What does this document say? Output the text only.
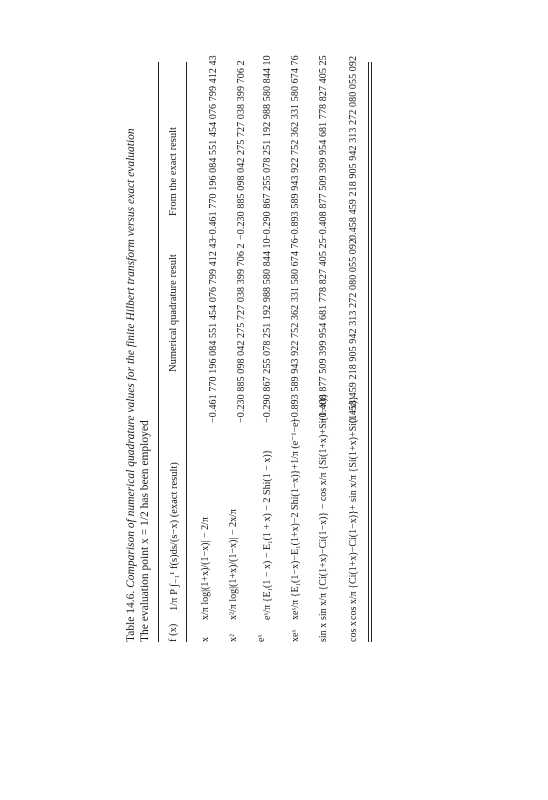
Table 14.6. Comparison of numerical quadrature values for the finite Hilbert transform versus exact evaluation The evaluation point x = 1/2 has been employed f (x)
1/π P ∫₋₁¹ f(s)ds/(s−x) (exact result)
Numerical quadrature result
From the exact result
x
x/π log|(1+x)/(1−x)| − 2/π
−0.461 770 196 084 551 454 076 799 412 43
−0.461 770 196 084 551 454 076 799 412 43
x²
x²/π log|(1+x)/(1−x)| − 2x/π
−0.230 885 098 042 275 727 038 399 706 2
−0.230 885 098 042 275 727 038 399 706 2
eˣ
eˣ/π {E₁(1 − x) − E₁(1 + x) − 2 Shi(1 − x)}
−0.290 867 255 078 251 192 988 580 844 10
−0.290 867 255 078 251 192 988 580 844 10
xeˣ
xeˣ/π {E₁(1−x)−E₁(1+x)−2 Shi(1−x)}+1/π (e⁻¹−e)
−0.893 589 943 922 752 362 331 580 674 76
−0.893 589 943 922 752 362 331 580 674 76
sin x
sin x/π {Ci(1+x)−Ci(1−x)} − cos x/π {Si(1+x)+Si(1−x)}
−0.408 877 509 399 954 681 778 827 405 25
−0.408 877 509 399 954 681 778 827 405 25
cos x
cos x/π {Ci(1+x)−Ci(1−x)}+ sin x/π {Si(1+x)+Si(1−x)}
0.458 459 218 905 942 313 272 080 055 092
0.458 459 218 905 942 313 272 080 055 092
